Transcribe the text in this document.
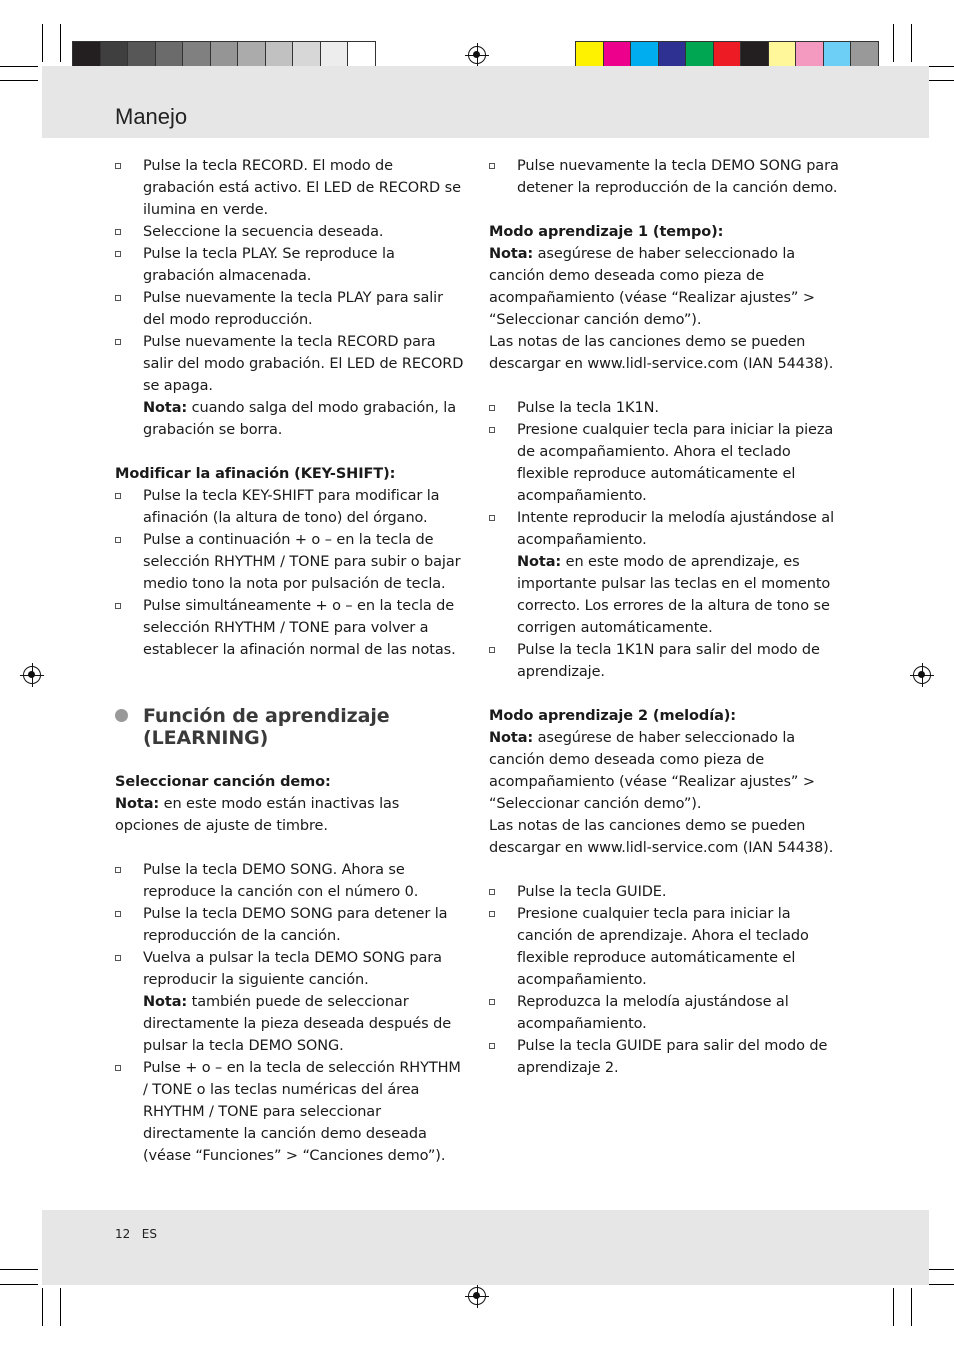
Manejo

Pulse la tecla RECORD. El modo de grabación está activo. El LED de RECORD se ilumina en verde.

Seleccione la secuencia deseada.

Pulse la tecla PLAY. Se reproduce la grabación almacenada.

Pulse nuevamente la tecla PLAY para salir del modo reproducción.

Pulse nuevamente la tecla RECORD para salir del modo grabación. El LED de RECORD se apaga.

Nota: cuando salga del modo grabación, la grabación se borra.

Modificar la afinación (KEY-SHIFT):

Pulse la tecla KEY-SHIFT para modificar la afinación (la altura de tono) del órgano.

Pulse a continuación + o – en la tecla de selección RHYTHM / TONE para subir o bajar medio tono la nota por pulsación de tecla.

Pulse simultáneamente + o – en la tecla de selección RHYTHM / TONE para volver a establecer la afinación normal de las notas.

Función de aprendizaje (LEARNING)

Seleccionar canción demo:

Nota: en este modo están inactivas las opciones de ajuste de timbre.

Pulse la tecla DEMO SONG. Ahora se reproduce la canción con el número 0.

Pulse la tecla DEMO SONG para detener la reproducción de la canción.

Vuelva a pulsar la tecla DEMO SONG para reproducir la siguiente canción.

Nota: también puede de seleccionar directamente la pieza deseada después de pulsar la tecla DEMO SONG.

Pulse + o – en la tecla de selección RHYTHM / TONE o las teclas numéricas del área RHYTHM / TONE para seleccionar directamente la canción demo deseada (véase “Funciones” > “Canciones demo”).

Pulse nuevamente la tecla DEMO SONG para detener la reproducción de la canción demo.

Modo aprendizaje 1 (tempo):

Nota: asegúrese de haber seleccionado la canción demo deseada como pieza de acompañamiento (véase “Realizar ajustes” > “Seleccionar canción demo”).

Las notas de las canciones demo se pueden descargar en www.lidl-service.com (IAN 54438).

Pulse la tecla 1K1N.

Presione cualquier tecla para iniciar la pieza de acompañamiento. Ahora el teclado flexible reproduce automáticamente el acompañamiento.

Intente reproducir la melodía ajustándose al acompañamiento.

Nota: en este modo de aprendizaje, es importante pulsar las teclas en el momento correcto. Los errores de la altura de tono se corrigen automáticamente.

Pulse la tecla 1K1N para salir del modo de aprendizaje.

Modo aprendizaje 2 (melodía):

Nota: asegúrese de haber seleccionado la canción demo deseada como pieza de acompañamiento (véase “Realizar ajustes” > “Seleccionar canción demo”).

Las notas de las canciones demo se pueden descargar en www.lidl-service.com (IAN 54438).

Pulse la tecla GUIDE.

Presione cualquier tecla para iniciar la canción de aprendizaje. Ahora el teclado flexible reproduce automáticamente el acompañamiento.

Reproduzca la melodía ajustándose al acompañamiento.

Pulse la tecla GUIDE para salir del modo de aprendizaje 2.

12 ES
